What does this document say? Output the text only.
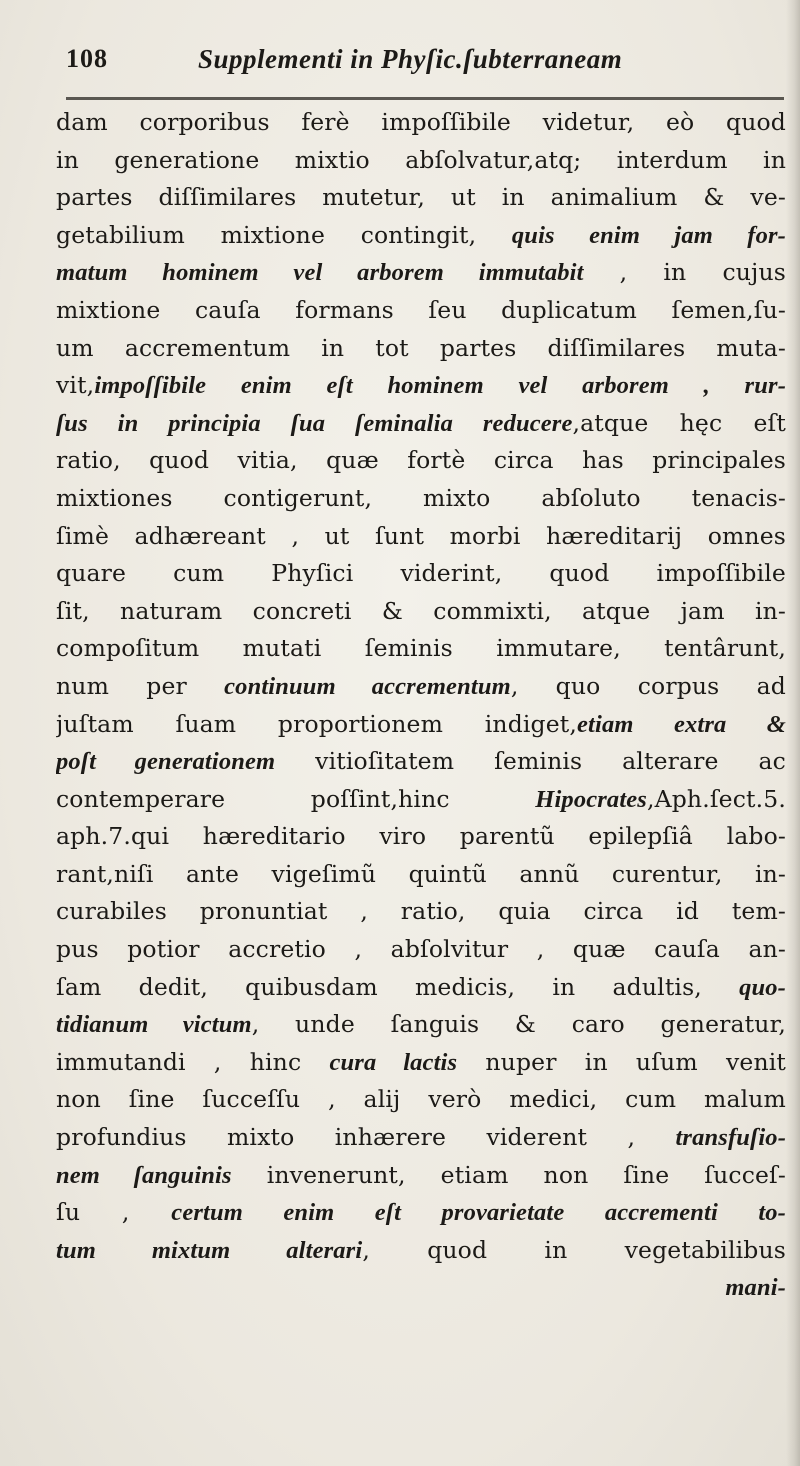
108	Supplementi in Phyſic.ſubterraneam
dam corporibus ferè impoſſibile videtur, eò quod
in generatione mixtio abſolvatur,atq; interdum in
partes diſſimilares mutetur, ut in animalium & ve-
getabilium mixtione contingit, quis enim jam for-
matum hominem vel arborem immutabit , in cujus
mixtione cauſa formans ſeu duplicatum ſemen,ſu-
um accrementum in tot partes diſſimilares muta-
vit,impoſſibile enim eſt hominem vel arborem , rur-
ſus in principia ſua ſeminalia reducere,atque hęc eſt
ratio, quod vitia, quæ fortè circa has principales
mixtiones contigerunt, mixto abſoluto tenacis-
ſimè adhæreant , ut ſunt morbi hæreditarij omnes
quare cum Phyſici viderint, quod impoſſibile
ſit, naturam concreti & commixti, atque jam in-
compoſitum mutati ſeminis immutare, tentârunt,
num per continuum accrementum, quo corpus ad
juſtam ſuam proportionem indiget,etiam extra &
poſt generationem vitioſitatem ſeminis alterare ac
contemperare poſſint,hinc Hipocrates,Aph.ſect.5.
aph.7.qui hæreditario viro parentũ epilepſiâ labo-
rant,niſi ante vigeſimũ quintũ annũ curentur, in-
curabiles pronuntiat , ratio, quia circa id tem-
pus potior accretio , abſolvitur , quæ cauſa an-
ſam dedit, quibusdam medicis, in adultis, quo-
tidianum victum, unde ſanguis & caro generatur,
immutandi , hinc cura lactis nuper in uſum venit
non ſine ſucceſſu , alij verò medici, cum malum
profundius mixto inhærere viderent , transfuſio-
nem ſanguinis invenerunt, etiam non ſine ſucceſ-
ſu , certum enim eſt provarietate accrementi to-
tum mixtum alterari, quod in vegetabilibus
mani-
